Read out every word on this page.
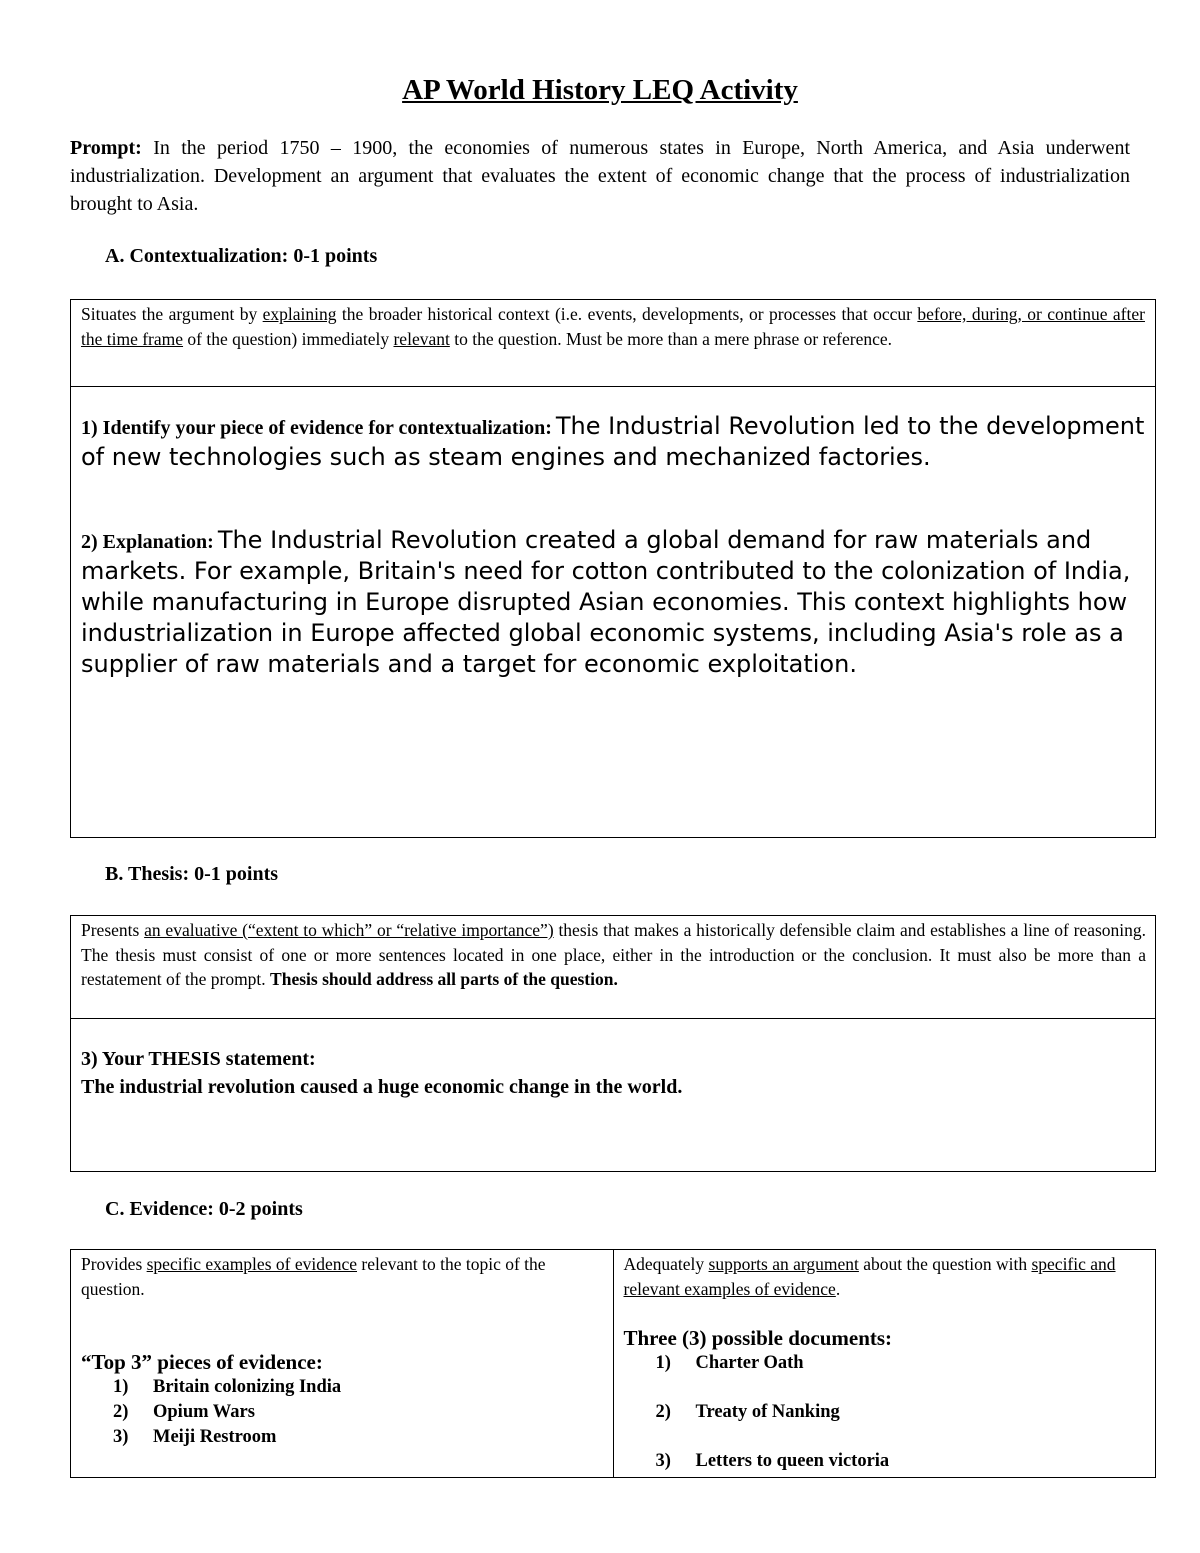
AP World History LEQ Activity
Prompt: In the period 1750 – 1900, the economies of numerous states in Europe, North America, and Asia underwent industrialization. Development an argument that evaluates the extent of economic change that the process of industrialization brought to Asia.
A. Contextualization: 0-1 points
Situates the argument by explaining the broader historical context (i.e. events, developments, or processes that occur before, during, or continue after the time frame of the question) immediately relevant to the question. Must be more than a mere phrase or reference.
1) Identify your piece of evidence for contextualization: The Industrial Revolution led to the development of new technologies such as steam engines and mechanized factories.
2) Explanation: The Industrial Revolution created a global demand for raw materials and markets. For example, Britain's need for cotton contributed to the colonization of India, while manufacturing in Europe disrupted Asian economies. This context highlights how industrialization in Europe affected global economic systems, including Asia's role as a supplier of raw materials and a target for economic exploitation.
B. Thesis: 0-1 points
Presents an evaluative (“extent to which” or “relative importance”) thesis that makes a historically defensible claim and establishes a line of reasoning. The thesis must consist of one or more sentences located in one place, either in the introduction or the conclusion. It must also be more than a restatement of the prompt. Thesis should address all parts of the question.
3) Your THESIS statement:
The industrial revolution caused a huge economic change in the world.
C. Evidence: 0-2 points
Provides specific examples of evidence relevant to the topic of the question.
“Top 3” pieces of evidence:
1)	Britain colonizing India
2)	Opium Wars
3)	Meiji Restroom
Adequately supports an argument about the question with specific and relevant examples of evidence.
Three (3) possible documents:
1)	Charter Oath
2)	Treaty of Nanking
3)	Letters to queen victoria
